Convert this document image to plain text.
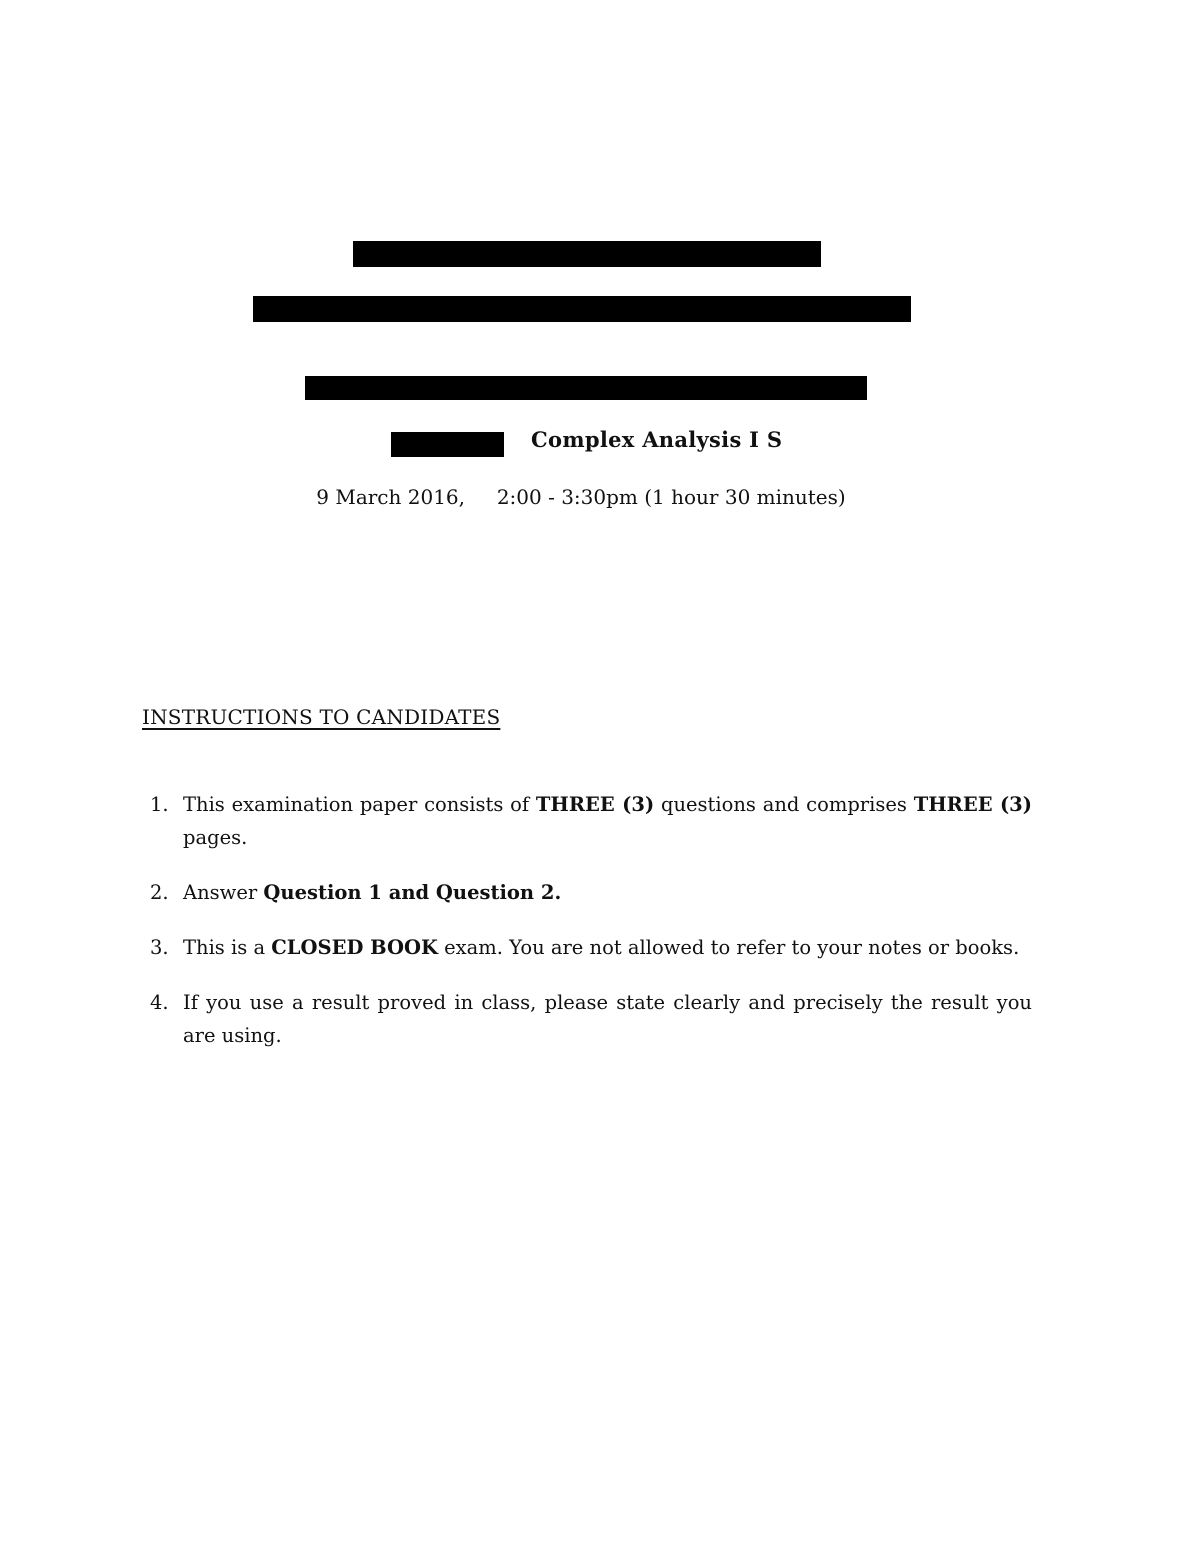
Complex Analysis I S
9 March 2016, 2:00 - 3:30pm (1 hour 30 minutes)
INSTRUCTIONS TO CANDIDATES
1. This examination paper consists of THREE (3) questions and comprises THREE (3) pages.
2. Answer Question 1 and Question 2.
3. This is a CLOSED BOOK exam. You are not allowed to refer to your notes or books.
4. If you use a result proved in class, please state clearly and precisely the result you are using.
